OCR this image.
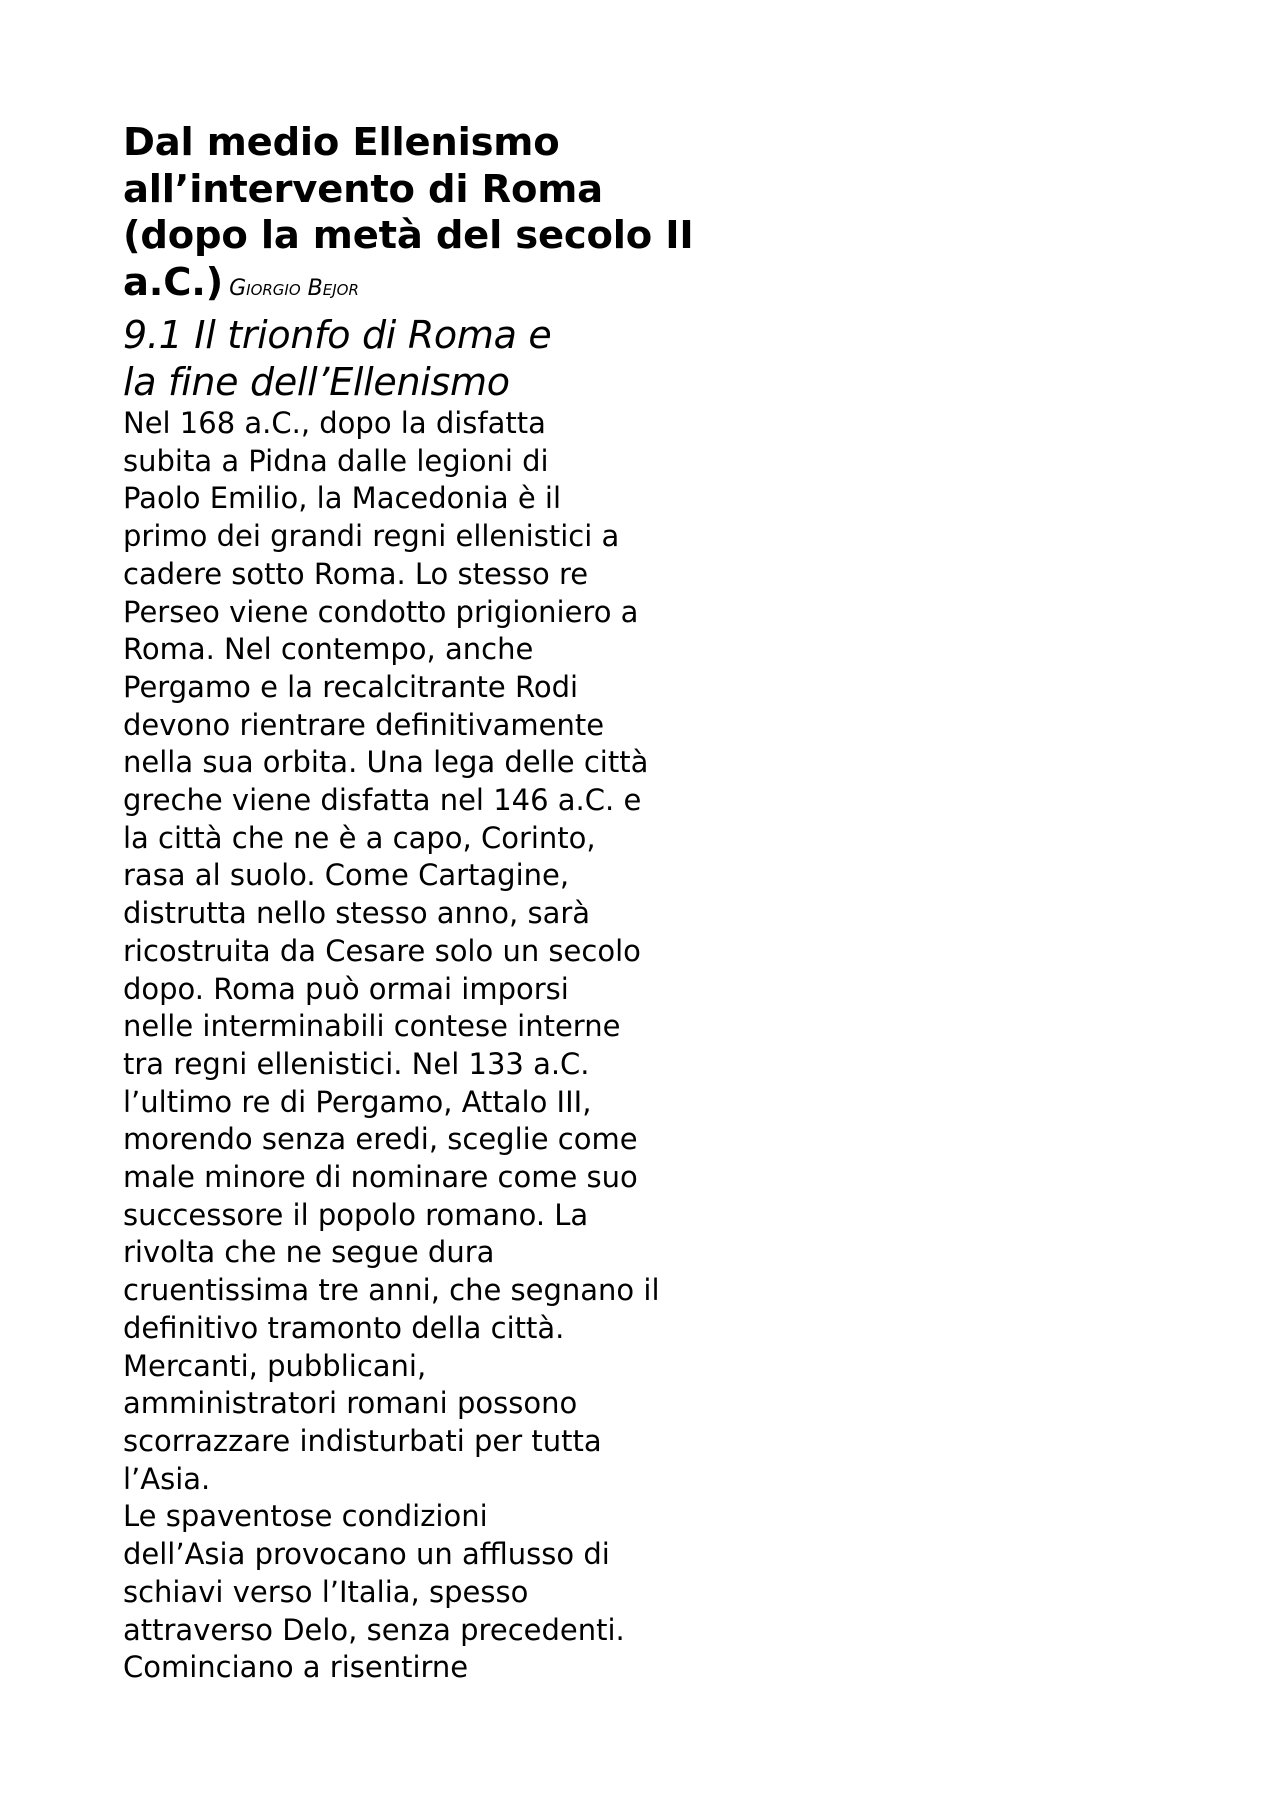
Dal medio Ellenismo
all’intervento di Roma
(dopo la metà del secolo II
a.C.) Giorgio Bejor
9.1 Il trionfo di Roma e
la fine dell’Ellenismo

Nel 168 a.C., dopo la disfatta
subita a Pidna dalle legioni di
Paolo Emilio, la Macedonia è il
primo dei grandi regni ellenistici a
cadere sotto Roma. Lo stesso re
Perseo viene condotto prigioniero a
Roma. Nel contempo, anche
Pergamo e la recalcitrante Rodi
devono rientrare definitivamente
nella sua orbita. Una lega delle città
greche viene disfatta nel 146 a.C. e
la città che ne è a capo, Corinto,
rasa al suolo. Come Cartagine,
distrutta nello stesso anno, sarà
ricostruita da Cesare solo un secolo
dopo. Roma può ormai imporsi
nelle interminabili contese interne
tra regni ellenistici. Nel 133 a.C.
l’ultimo re di Pergamo, Attalo III,
morendo senza eredi, sceglie come
male minore di nominare come suo
successore il popolo romano. La
rivolta che ne segue dura
cruentissima tre anni, che segnano il
definitivo tramonto della città.
Mercanti, pubblicani,
amministratori romani possono
scorrazzare indisturbati per tutta
l’Asia.

Le spaventose condizioni
dell’Asia provocano un afflusso di
schiavi verso l’Italia, spesso
attraverso Delo, senza precedenti.
Cominciano a risentirne
